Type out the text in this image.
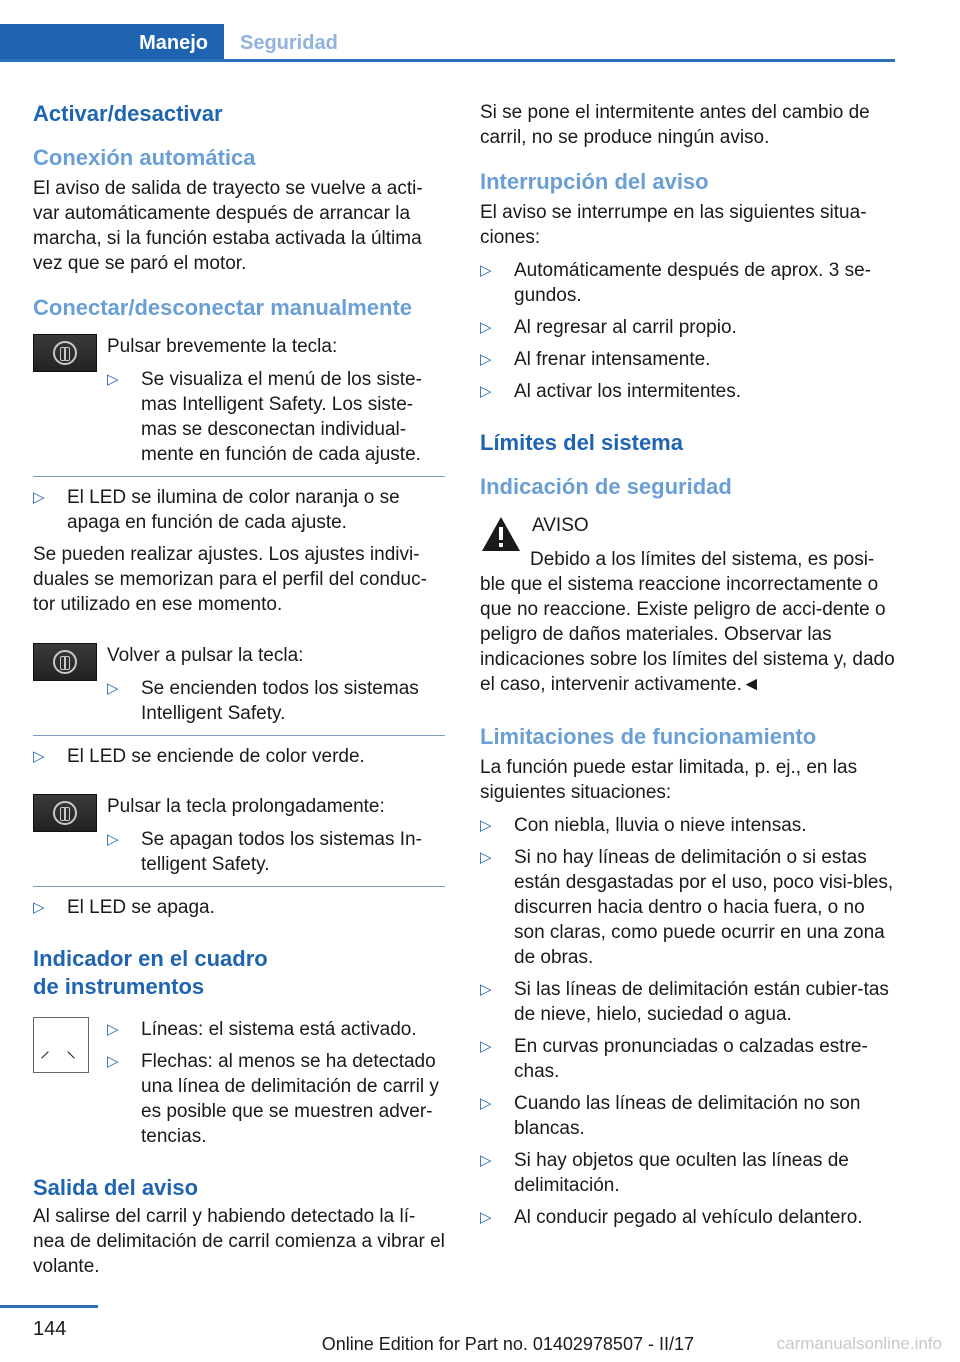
Manejo	Seguridad
Activar/desactivar
Conexión automática
El aviso de salida de trayecto se vuelve a acti-var automáticamente después de arrancar la marcha, si la función estaba activada la última vez que se paró el motor.
Conectar/desconectar manualmente
Pulsar brevemente la tecla:
▷
Se visualiza el menú de los siste-mas Intelligent Safety. Los siste-mas se desconectan individual-mente en función de cada ajuste.
▷
El LED se ilumina de color naranja o se apaga en función de cada ajuste.
Se pueden realizar ajustes. Los ajustes indivi-duales se memorizan para el perfil del conduc-tor utilizado en ese momento.
Volver a pulsar la tecla:
▷
Se encienden todos los sistemas Intelligent Safety.
▷
El LED se enciende de color verde.
Pulsar la tecla prolongadamente:
▷
Se apagan todos los sistemas In-telligent Safety.
▷
El LED se apaga.
Indicador en el cuadro
de instrumentos
⸝ ⸜
▷
Líneas: el sistema está activado.
▷
Flechas: al menos se ha detectado una línea de delimitación de carril y es posible que se muestren adver-tencias.
Salida del aviso
Al salirse del carril y habiendo detectado la lí-nea de delimitación de carril comienza a vibrar el volante.
Si se pone el intermitente antes del cambio de carril, no se produce ningún aviso.
Interrupción del aviso
El aviso se interrumpe en las siguientes situa-ciones:
▷
Automáticamente después de aprox. 3 se-gundos.
▷
Al regresar al carril propio.
▷
Al frenar intensamente.
▷
Al activar los intermitentes.
Límites del sistema
Indicación de seguridad
AVISO
Debido a los límites del sistema, es posi-ble que el sistema reaccione incorrectamente o que no reaccione. Existe peligro de acci-dente o peligro de daños materiales. Observar las indicaciones sobre los límites del sistema y, dado el caso, intervenir activamente.◄
Limitaciones de funcionamiento
La función puede estar limitada, p. ej., en las siguientes situaciones:
▷
Con niebla, lluvia o nieve intensas.
▷
Si no hay líneas de delimitación o si estas están desgastadas por el uso, poco visi-bles, discurren hacia dentro o hacia fuera, o no son claras, como puede ocurrir en una zona de obras.
▷
Si las líneas de delimitación están cubier-tas de nieve, hielo, suciedad o agua.
▷
En curvas pronunciadas o calzadas estre-chas.
▷
Cuando las líneas de delimitación no son blancas.
▷
Si hay objetos que oculten las líneas de delimitación.
▷
Al conducir pegado al vehículo delantero.
144
Online Edition for Part no. 01402978507 - II/17	carmanualsonline.info
